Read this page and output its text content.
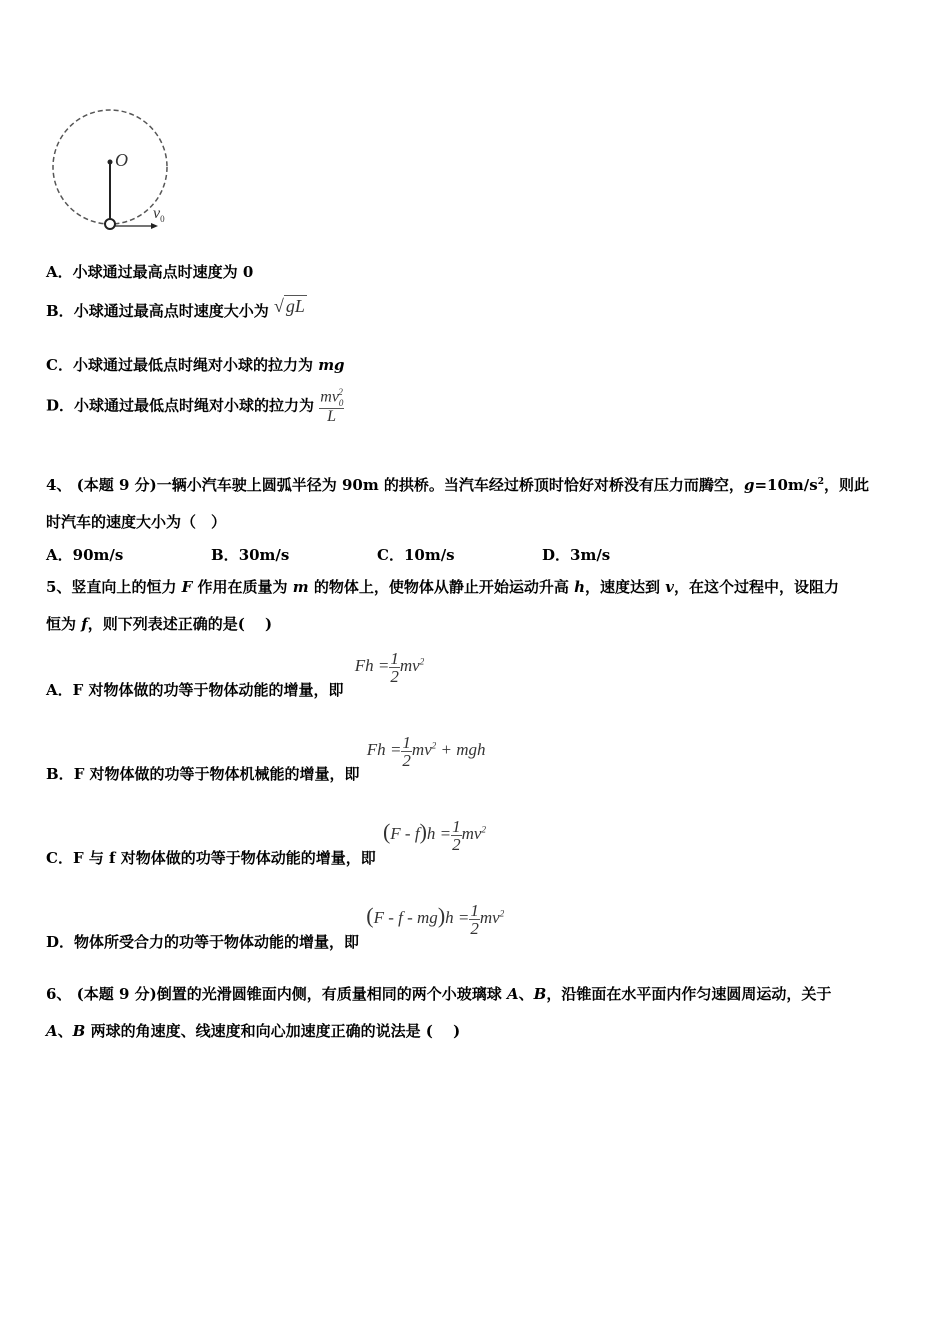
O
$v_0$
A．小球通过最高点时速度为 0
B．小球通过最高点时速度大小为 √ gL
C．小球通过最低点时绳对小球的拉力为 mg
D．小球通过最低点时绳对小球的拉力为 $\frac{mv_0^2}{L}$
4、 (本题 9 分)一辆小汽车驶上圆弧半径为 90m 的拱桥。当汽车经过桥顶时恰好对桥没有压力而腾空，$g=10m/s^2$，则此
时汽车的速度大小为（　）
A．90m/s	B．30m/s	C．10m/s	D．3m/s
5、竖直向上的恒力 F 作用在质量为 m 的物体上，使物体从静止开始运动升高 h，速度达到 v，在这个过程中，设阻力
恒为 f，则下列表述正确的是(　 )
A．F 对物体做的功等于物体动能的增量，即 $Fh = \frac{1}{2} mv^2$
B．F 对物体做的功等于物体机械能的增量，即 $Fh = \frac{1}{2} mv^2$ + mgh
C．F 与 f 对物体做的功等于物体动能的增量，即 $(F - f)h = \frac{1}{2} mv^2$
D．物体所受合力的功等于物体动能的增量，即 $(F - f - mg)h = \frac{1}{2} mv^2$
6、 (本题 9 分)倒置的光滑圆锥面内侧，有质量相同的两个小玻璃球 A、B，沿锥面在水平面内作匀速圆周运动，关于
A、B 两球的角速度、线速度和向心加速度正确的说法是 (　 )
